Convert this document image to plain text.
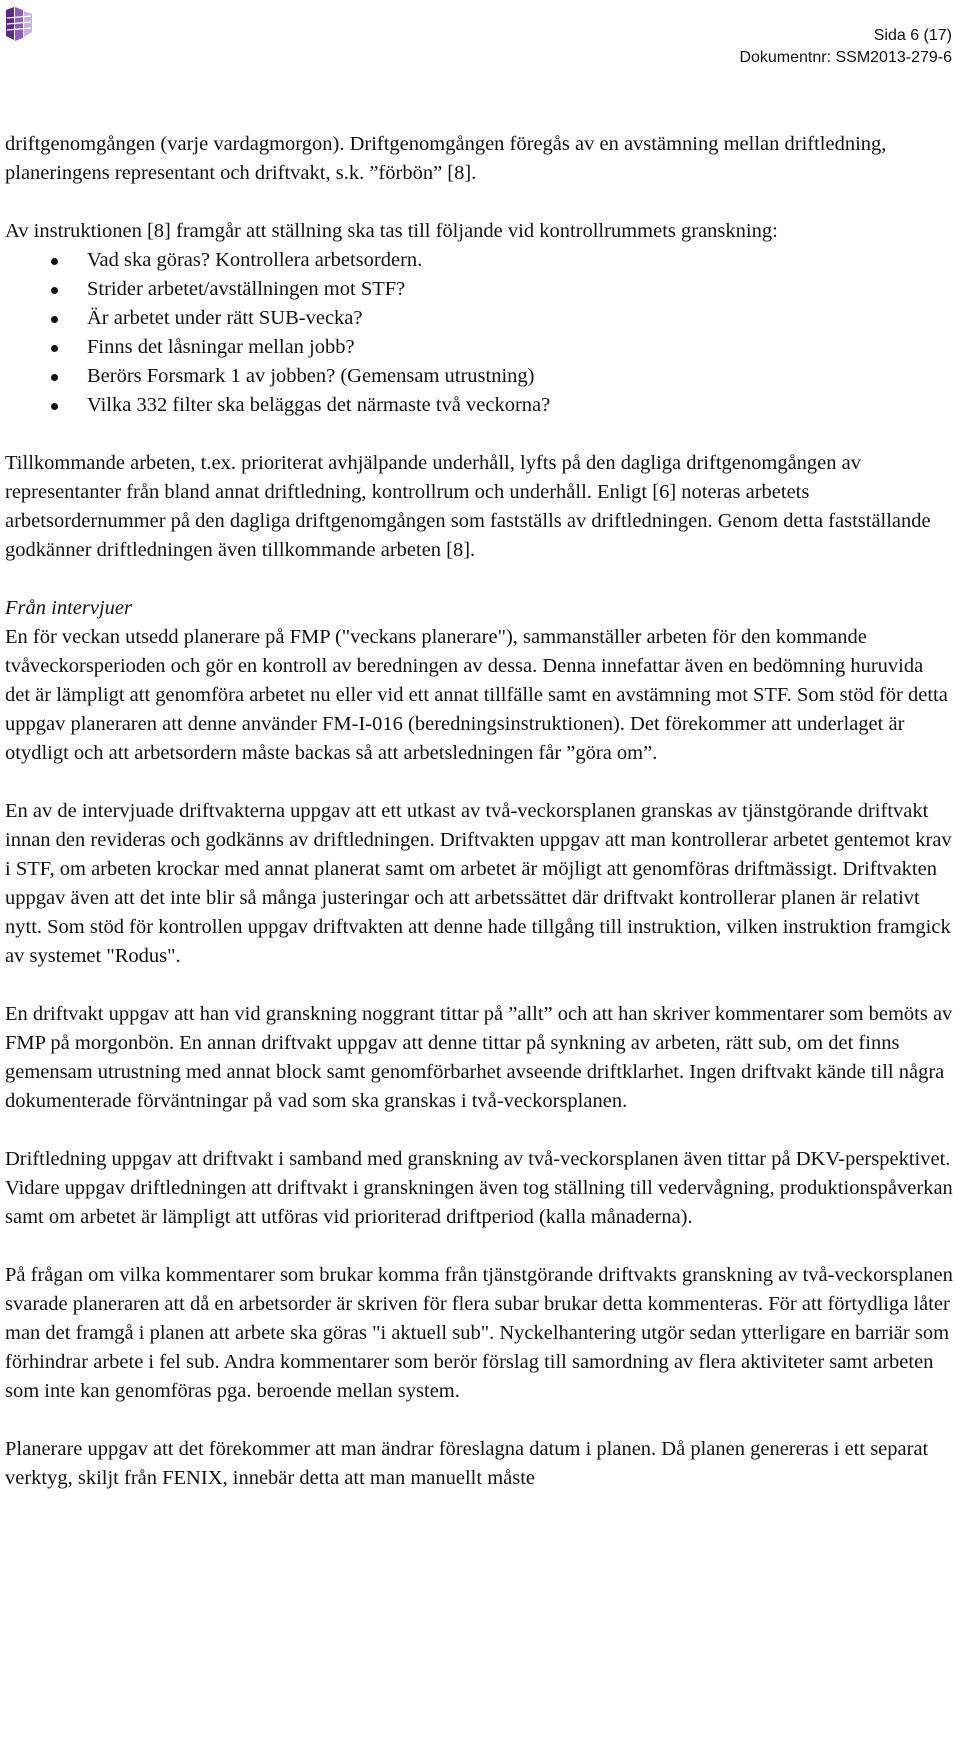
Sida 6 (17)
Dokumentnr: SSM2013-279-6

driftgenomgången (varje vardagmorgon). Driftgenomgången föregås av en avstämning mellan driftledning, planeringens representant och driftvakt, s.k. ”förbön” [8].

Av instruktionen [8] framgår att ställning ska tas till följande vid kontrollrummets granskning:

Vad ska göras? Kontrollera arbetsordern.
Strider arbetet/avställningen mot STF?
Är arbetet under rätt SUB-vecka?
Finns det låsningar mellan jobb?
Berörs Forsmark 1 av jobben? (Gemensam utrustning)
Vilka 332 filter ska beläggas det närmaste två veckorna?

Tillkommande arbeten, t.ex. prioriterat avhjälpande underhåll, lyfts på den dagliga driftgenomgången av representanter från bland annat driftledning, kontrollrum och underhåll. Enligt [6] noteras arbetets arbetsordernummer på den dagliga driftgenomgången som fastställs av driftledningen. Genom detta fastställande godkänner driftledningen även tillkommande arbeten [8].

Från intervjuer

En för veckan utsedd planerare på FMP ("veckans planerare"), sammanställer arbeten för den kommande tvåveckorsperioden och gör en kontroll av beredningen av dessa. Denna innefattar även en bedömning huruvida det är lämpligt att genomföra arbetet nu eller vid ett annat tillfälle samt en avstämning mot STF. Som stöd för detta uppgav planeraren att denne använder FM-I-016 (beredningsinstruktionen). Det förekommer att underlaget är otydligt och att arbetsordern måste backas så att arbetsledningen får ”göra om”.

En av de intervjuade driftvakterna uppgav att ett utkast av två-veckorsplanen granskas av tjänstgörande driftvakt innan den revideras och godkänns av driftledningen. Driftvakten uppgav att man kontrollerar arbetet gentemot krav i STF, om arbeten krockar med annat planerat samt om arbetet är möjligt att genomföras driftmässigt. Driftvakten uppgav även att det inte blir så många justeringar och att arbetssättet där driftvakt kontrollerar planen är relativt nytt. Som stöd för kontrollen uppgav driftvakten att denne hade tillgång till instruktion, vilken instruktion framgick av systemet "Rodus".

En driftvakt uppgav att han vid granskning noggrant tittar på ”allt” och att han skriver kommentarer som bemöts av FMP på morgonbön. En annan driftvakt uppgav att denne tittar på synkning av arbeten, rätt sub, om det finns gemensam utrustning med annat block samt genomförbarhet avseende driftklarhet. Ingen driftvakt kände till några dokumenterade förväntningar på vad som ska granskas i två-veckorsplanen.

Driftledning uppgav att driftvakt i samband med granskning av två-veckorsplanen även tittar på DKV-perspektivet. Vidare uppgav driftledningen att driftvakt i granskningen även tog ställning till vedervågning, produktionspåverkan samt om arbetet är lämpligt att utföras vid prioriterad driftperiod (kalla månaderna).

På frågan om vilka kommentarer som brukar komma från tjänstgörande driftvakts granskning av två-veckorsplanen svarade planeraren att då en arbetsorder är skriven för flera subar brukar detta kommenteras. För att förtydliga låter man det framgå i planen att arbete ska göras "i aktuell sub". Nyckelhantering utgör sedan ytterligare en barriär som förhindrar arbete i fel sub. Andra kommentarer som berör förslag till samordning av flera aktiviteter samt arbeten som inte kan genomföras pga. beroende mellan system.

Planerare uppgav att det förekommer att man ändrar föreslagna datum i planen. Då planen genereras i ett separat verktyg, skiljt från FENIX, innebär detta att man manuellt måste
